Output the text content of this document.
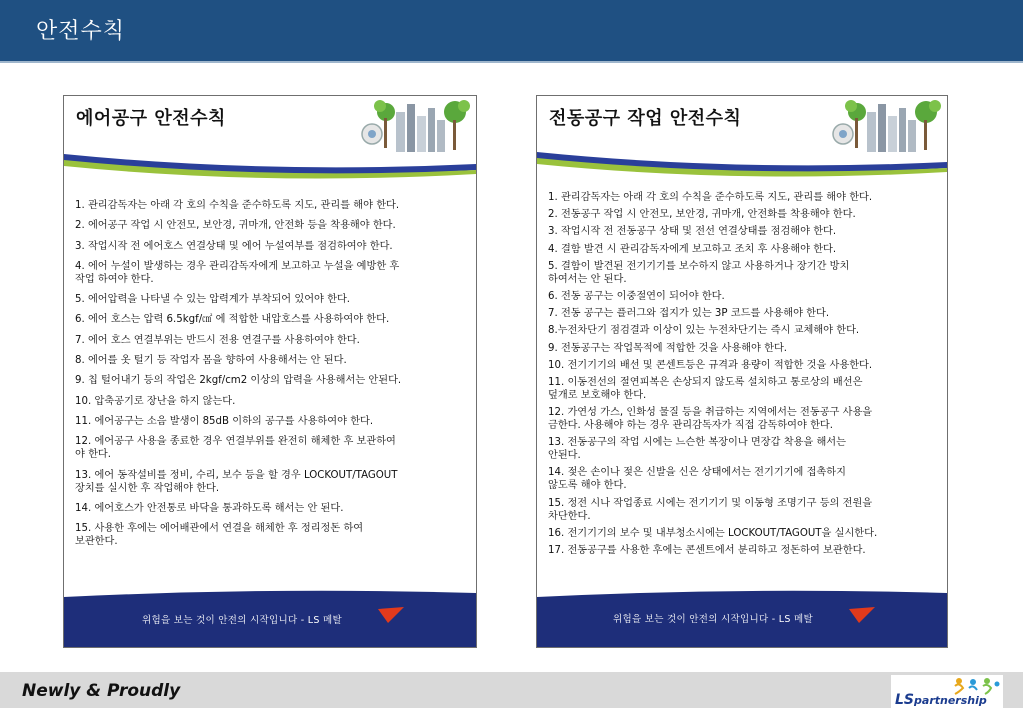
안전수칙
에어공구 안전수칙
1. 관리감독자는 아래 각 호의 수칙을 준수하도록 지도, 관리를 해야 한다.
2. 에어공구 작업 시 안전모, 보안경, 귀마개, 안전화 등을 착용해야 한다.
3. 작업시작 전 에어호스 연결상태 및 에어 누설여부를 점검하여야 한다.
4. 에어 누설이 발생하는 경우 관리감독자에게 보고하고 누설을 예방한 후
작업 하여야 한다.
5. 에어압력을 나타낼 수 있는 압력계가 부착되어 있어야 한다.
6. 에어 호스는 압력 6.5kgf/㎠ 에 적합한 내압호스를 사용하여야 한다.
7. 에어 호스 연결부위는 반드시 전용 연결구를 사용하여야 한다.
8. 에어를 옷 털기 등 작업자 몸을 향하여 사용해서는 안 된다.
9. 칩 털어내기 등의 작업은 2kgf/cm2 이상의 압력을 사용해서는 안된다.
10. 압축공기로 장난을 하지 않는다.
11. 에어공구는 소음 발생이 85dB 이하의 공구를 사용하여야 한다.
12. 에어공구 사용을 종료한 경우 연결부위를 완전히 해체한 후 보관하여
야 한다.
13. 에어 동작설비를 정비, 수리, 보수 등을 할 경우 LOCKOUT/TAGOUT
장치를 실시한 후 작업해야 한다.
14. 에어호스가 안전통로 바닥을 통과하도록 해서는 안 된다.
15. 사용한 후에는 에어배관에서 연결을 해체한 후 정리정돈 하여
보관한다.
위험을 보는 것이 안전의 시작입니다 - LS 메탈
전동공구 작업 안전수칙
1. 관리감독자는 아래 각 호의 수칙을 준수하도록 지도, 관리를 해야 한다.
2. 전동공구 작업 시 안전모, 보안경, 귀마개, 안전화를 착용해야 한다.
3. 작업시작 전 전동공구 상태 및 전선 연결상태를 점검해야 한다.
4. 결함 발견 시 관리감독자에게 보고하고 조치 후 사용해야 한다.
5. 결함이 발견된 전기기기를 보수하지 않고 사용하거나 장기간 방치
하여서는 안 된다.
6. 전동 공구는 이중절연이 되어야 한다.
7. 전동 공구는 플러그와 접지가 있는 3P 코드를 사용해야 한다.
8.누전차단기 점검결과 이상이 있는 누전차단기는 즉시 교체해야 한다.
9. 전동공구는 작업목적에 적합한 것을 사용해야 한다.
10. 전기기기의 배선 및 콘센트등은 규격과 용량이 적합한 것을 사용한다.
11. 이동전선의 절연피복은 손상되지 않도록 설치하고 통로상의 배선은
덮개로 보호해야 한다.
12. 가연성 가스, 인화성 물질 등을 취급하는 지역에서는 전동공구 사용을
금한다. 사용해야 하는 경우 관리감독자가 직접 감독하여야 한다.
13. 전동공구의 작업 시에는 느슨한 복장이나 면장갑 착용을 해서는
안된다.
14. 젖은 손이나 젖은 신발을 신은 상태에서는 전기기기에 접촉하지
않도록 해야 한다.
15. 정전 시나 작업종료 시에는 전기기기 및 이동형 조명기구 등의 전원을
차단한다.
16. 전기기기의 보수 및 내부청소시에는 LOCKOUT/TAGOUT을 실시한다.
17. 전동공구를 사용한 후에는 콘센트에서 분리하고 정돈하여 보관한다.
위험을 보는 것이 안전의 시작입니다 - LS 메탈
Newly & Proudly	LSpartnership
